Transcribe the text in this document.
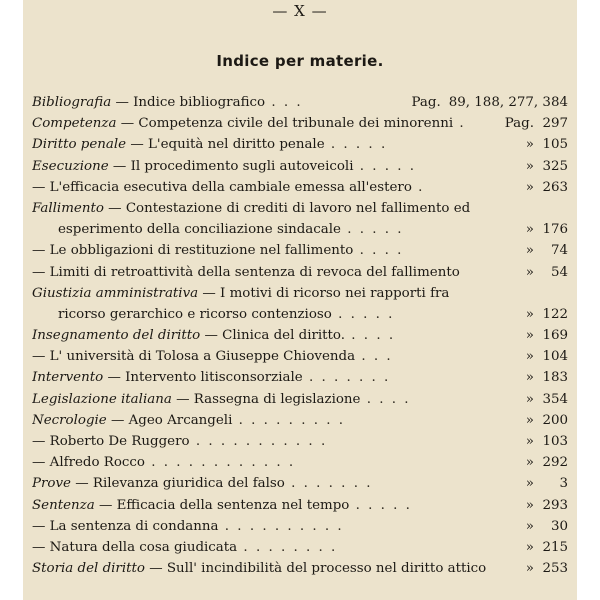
— X —
Indice per materie.
Pag. 89, 188, 277, 384
Bibliografia — Indice bibliografico . . .
Pag. 297
Competenza — Competenza civile del tribunale dei minorenni .
» 105
Diritto penale — L'equità nel diritto penale . . . . .
» 325
Esecuzione — Il procedimento sugli autoveicoli . . . . .
» 263
— L'efficacia esecutiva della cambiale emessa all'estero .
Fallimento — Contestazione di crediti di lavoro nel fallimento ed
» 176
esperimento della conciliazione sindacale . . . . .
» 74
— Le obbligazioni di restituzione nel fallimento . . . .
» 54
— Limiti di retroattività della sentenza di revoca del fallimento
Giustizia amministrativa — I motivi di ricorso nei rapporti fra
» 122
ricorso gerarchico e ricorso contenzioso . . . . .
» 169
Insegnamento del diritto — Clinica del diritto. . . . .
» 104
— L' università di Tolosa a Giuseppe Chiovenda . . .
» 183
Intervento — Intervento litisconsorziale . . . . . . .
» 354
Legislazione italiana — Rassegna di legislazione . . . .
» 200
Necrologie — Ageo Arcangeli . . . . . . . . .
» 103
— Roberto De Ruggero . . . . . . . . . . .
» 292
— Alfredo Rocco . . . . . . . . . . . .
» 3
Prove — Rilevanza giuridica del falso . . . . . . .
» 293
Sentenza — Efficacia della sentenza nel tempo . . . . .
» 30
— La sentenza di condanna . . . . . . . . . .
» 215
— Natura della cosa giudicata . . . . . . . .
» 253
Storia del diritto — Sull' incindibilità del processo nel diritto attico
